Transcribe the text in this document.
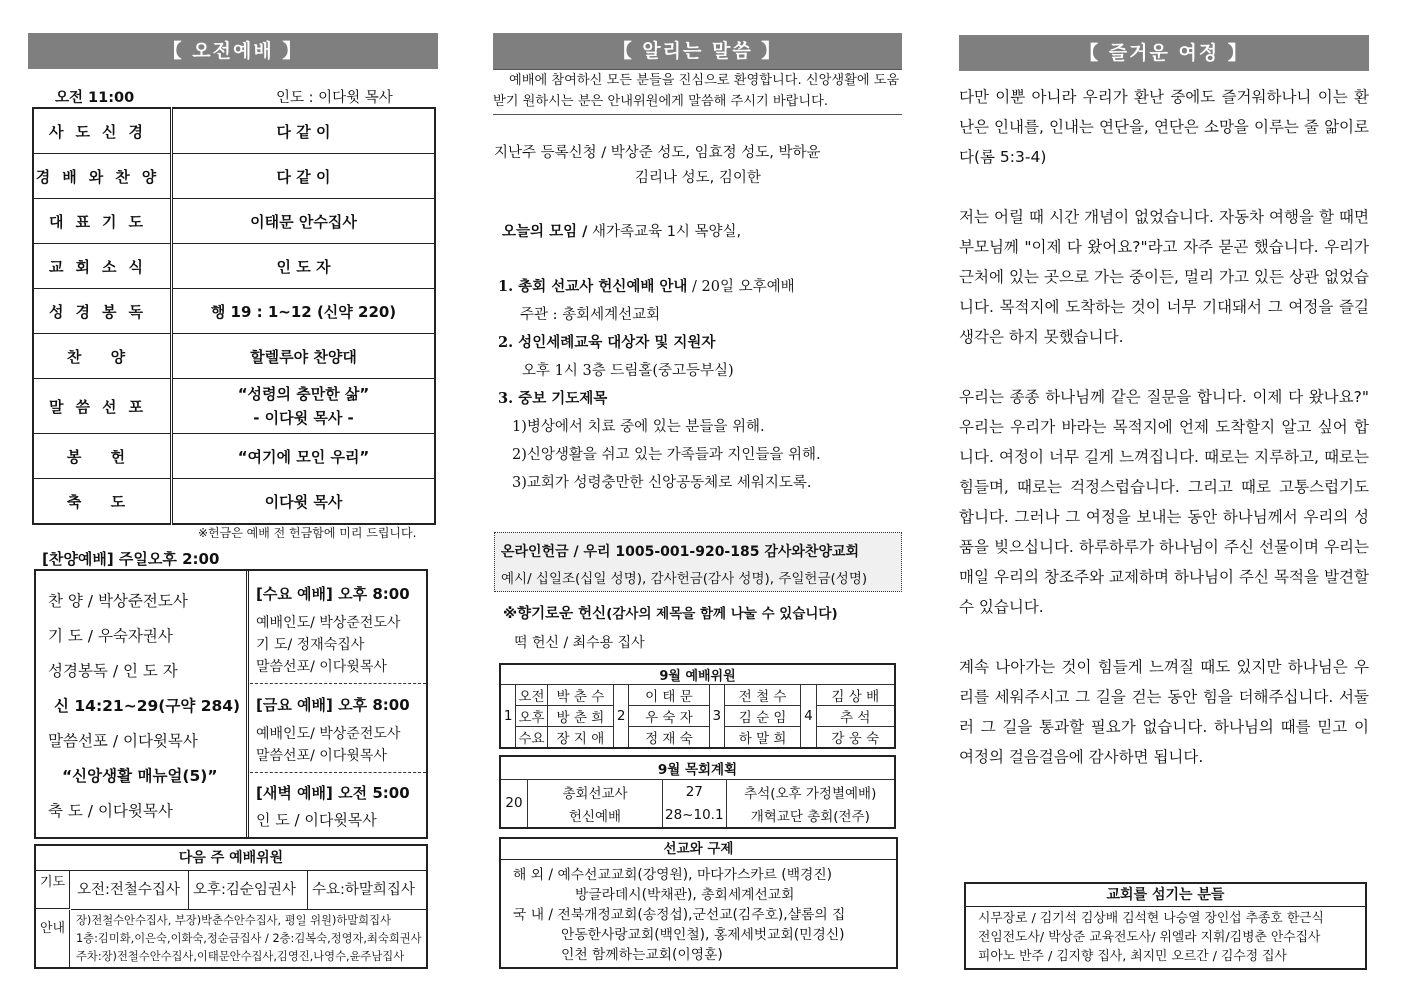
【 오전예배 】
오전 11:00	인도 : 이다윗 목사
사도신경	다 같 이
경배와찬양	다 같 이
대표기도	이태문 안수집사
교회소식	인 도 자
성경봉독	행 19 : 1~12 (신약 220)
찬 양	할렐루야 찬양대
말씀선포	“성령의 충만한 삶”
- 이다윗 목사 -

봉 헌	“여기에 모인 우리”
축 도	이다윗 목사
※헌금은 예배 전 헌금함에 미리 드립니다.
[찬양예배] 주일오후 2:00
찬 양 / 박상준전도사
기 도 / 우숙자권사
성경봉독 / 인 도 자
신 14:21~29(구약 284)
말씀선포 / 이다윗목사
“신앙생활 매뉴얼(5)”
축 도 / 이다윗목사
[수요 예배] 오후 8:00
예배인도/ 박상준전도사
기 도/ 정재숙집사
말씀선포/ 이다윗목사
[금요 예배] 오후 8:00
예배인도/ 박상준전도사
말씀선포/ 이다윗목사
[새벽 예배] 오전 5:00
인 도 / 이다윗목사
다음 주 예배위원
기도 오전:전철수집사 오후:김순임권사	수요:하말희집사
안내
장)전철수안수집사, 부장)박춘수안수집사, 평일 위원)하말희집사
1층:김미화,이은숙,이화숙,정순금집사 / 2층:김복숙,정영자,최숙희권사
주차:장)전철수안수집사,이태문안수집사,김영진,나영수,윤주남집사
【 알리는 말씀 】
예배에 참여하신 모든 분들을 진심으로 환영합니다. 신앙생활에 도움받기 원하시는 분은 안내위원에게 말씀해 주시기 바랍니다.
지난주 등록신청 / 박상준 성도, 임효정 성도, 박하윤
김리나 성도, 김이한
오늘의 모임 / 새가족교육 1시 목양실,
1. 총회 선교사 헌신예배 안내 / 20일 오후예배
주관 : 총회세계선교회
2. 성인세례교육 대상자 및 지원자
오후 1시 3층 드림홀(중고등부실)
3. 중보 기도제목
1)병상에서 치료 중에 있는 분들을 위해.
2)신앙생활을 쉬고 있는 가족들과 지인들을 위해.
3)교회가 성령충만한 신앙공동체로 세워지도록.
온라인헌금 / 우리 1005-001-920-185 감사와찬양교회
예시/ 십일조(십일 성명), 감사헌금(감사 성명), 주일헌금(성명)
※향기로운 헌신(감사의 제목을 함께 나눌 수 있습니다)
떡 헌신 / 최수용 집사
9월 예배위원								
1	오전	박 춘 수	2	이 태 문	3	전 철 수	4	김 상 배
	오후	방 춘 희		우 숙 자		김 순 임		추 석
	수요	장 지 애		정 재 숙		하 말 희		강 웅 숙
9월 목회계획			
20	총회선교사	27	추석(오후 가정별예배)
	헌신예배	28~10.1	개혁교단 총회(전주)
선교와 구제
해 외 / 예수선교교회(강영원), 마다가스카르 (백경진)
방글라데시(박채관), 총회세계선교회
국 내 / 전북개정교회(송정섭),군선교(김주호),샬롬의 집
안동한사랑교회(백인철), 홍제세벗교회(민경신)
인천 함께하는교회(이영훈)
【 즐거운 여정 】

다만 이뿐 아니라 우리가 환난 중에도 즐거워하나니 이는 환난은 인내를, 인내는 연단을, 연단은 소망을 이루는 줄 앎이로다(롬 5:3-4)

저는 어릴 때 시간 개념이 없었습니다. 자동차 여행을 할 때면 부모님께 "이제 다 왔어요?"라고 자주 묻곤 했습니다. 우리가 근처에 있는 곳으로 가는 중이든, 멀리 가고 있든 상관 없었습니다. 목적지에 도착하는 것이 너무 기대돼서 그 여정을 즐길 생각은 하지 못했습니다.

우리는 종종 하나님께 같은 질문을 합니다. 이제 다 왔나요?" 우리는 우리가 바라는 목적지에 언제 도착할지 알고 싶어 합니다. 여정이 너무 길게 느껴집니다. 때로는 지루하고, 때로는 힘들며, 때로는 걱정스럽습니다. 그리고 때로 고통스럽기도 합니다. 그러나 그 여정을 보내는 동안 하나님께서 우리의 성품을 빚으십니다. 하루하루가 하나님이 주신 선물이며 우리는 매일 우리의 창조주와 교제하며 하나님이 주신 목적을 발견할 수 있습니다.

계속 나아가는 것이 힘들게 느껴질 때도 있지만 하나님은 우리를 세워주시고 그 길을 걷는 동안 힘을 더해주십니다. 서둘러 그 길을 통과할 필요가 없습니다. 하나님의 때를 믿고 이 여정의 걸음걸음에 감사하면 됩니다.

교회를 섬기는 분들
시무장로 / 김기석 김상배 김석현 나승열 장인섭 추종호 한근식
전임전도사/ 박상준 교육전도사/ 위엘라 지휘/김병춘 안수집사
피아노 반주 / 김지향 집사, 최지민 오르간 / 김수정 집사
